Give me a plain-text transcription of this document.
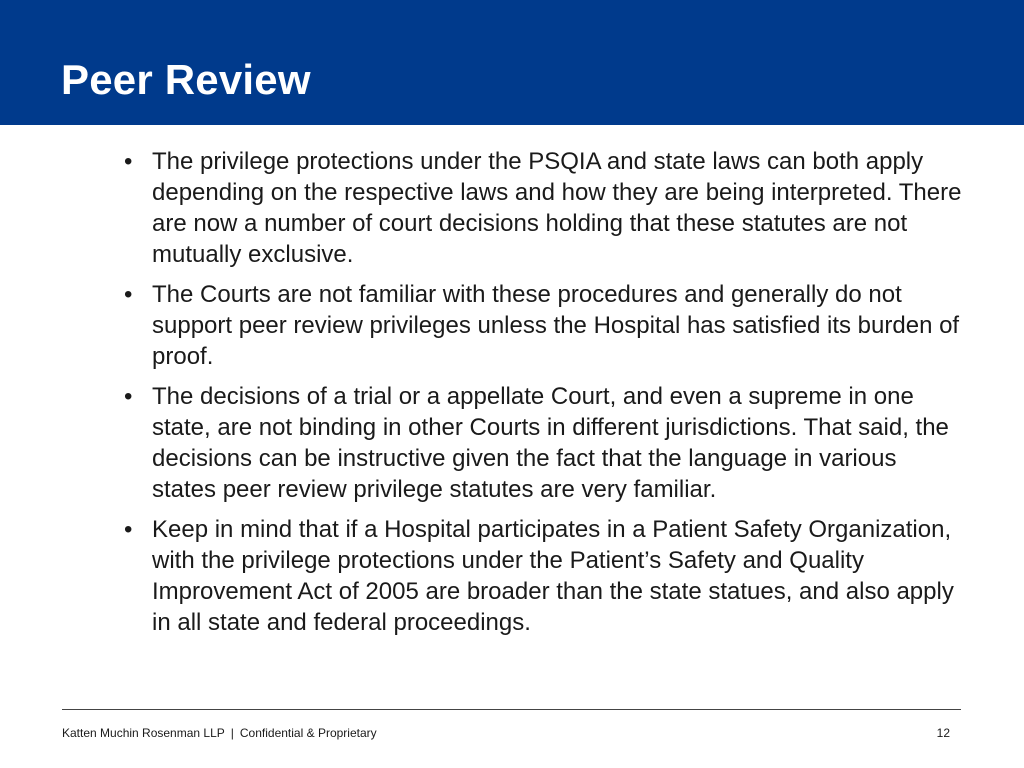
Peer Review
• The privilege protections under the PSQIA and state laws can both apply depending on the respective laws and how they are being interpreted. There are now a number of court decisions holding that these statutes are not mutually exclusive.
• The Courts are not familiar with these procedures and generally do not support peer review privileges unless the Hospital has satisfied its burden of proof.
• The decisions of a trial or a appellate Court, and even a supreme in one state, are not binding in other Courts in different jurisdictions. That said, the decisions can be instructive given the fact that the language in various states peer review privilege statutes are very familiar.
• Keep in mind that if a Hospital participates in a Patient Safety Organization, with the privilege protections under the Patient’s Safety and Quality Improvement Act of 2005 are broader than the state statues, and also apply in all state and federal proceedings.
Katten Muchin Rosenman LLP | Confidential & Proprietary	12
